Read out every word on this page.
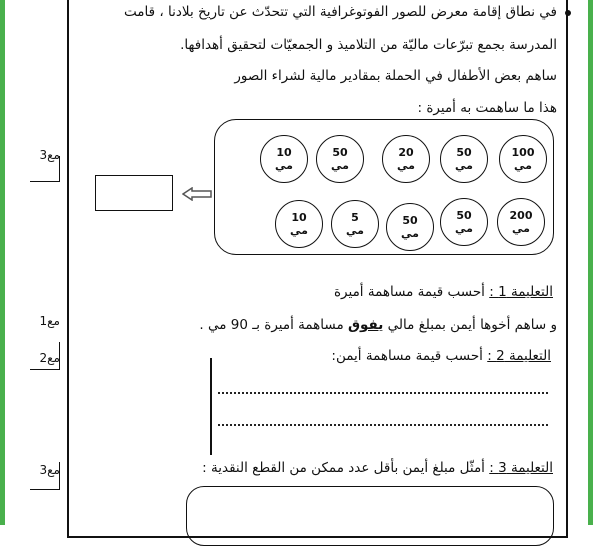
في نطاق إقامة معرض للصور الفوتوغرافية التي تتحدّث عن تاريخ بلادنا ، قامت
المدرسة بجمع تبرّعات ماليّة من التلاميذ و الجمعيّات لتحقيق أهدافها.
ساهم بعض الأطفال في الحملة بمقادير مالية لشراء الصور
هذا ما ساهمت به أميرة :
مع3	100
مي
50
مي
20
مي
50
مي
10
مي
200
مي
50
مي
50
مي
5
مي
10
مي
التعليمة 1 : أحسب قيمة مساهمة أميرة
مع1	و ساهم أخوها أيمن بمبلغ مالي يفوق مساهمة أميرة بـ 90 مي .
مع2	التعليمة 2 : أحسب قيمة مساهمة أيمن:
مع3	التعليمة 3 : أمثّل مبلغ أيمن بأقل عدد ممكن من القطع النقدية :
